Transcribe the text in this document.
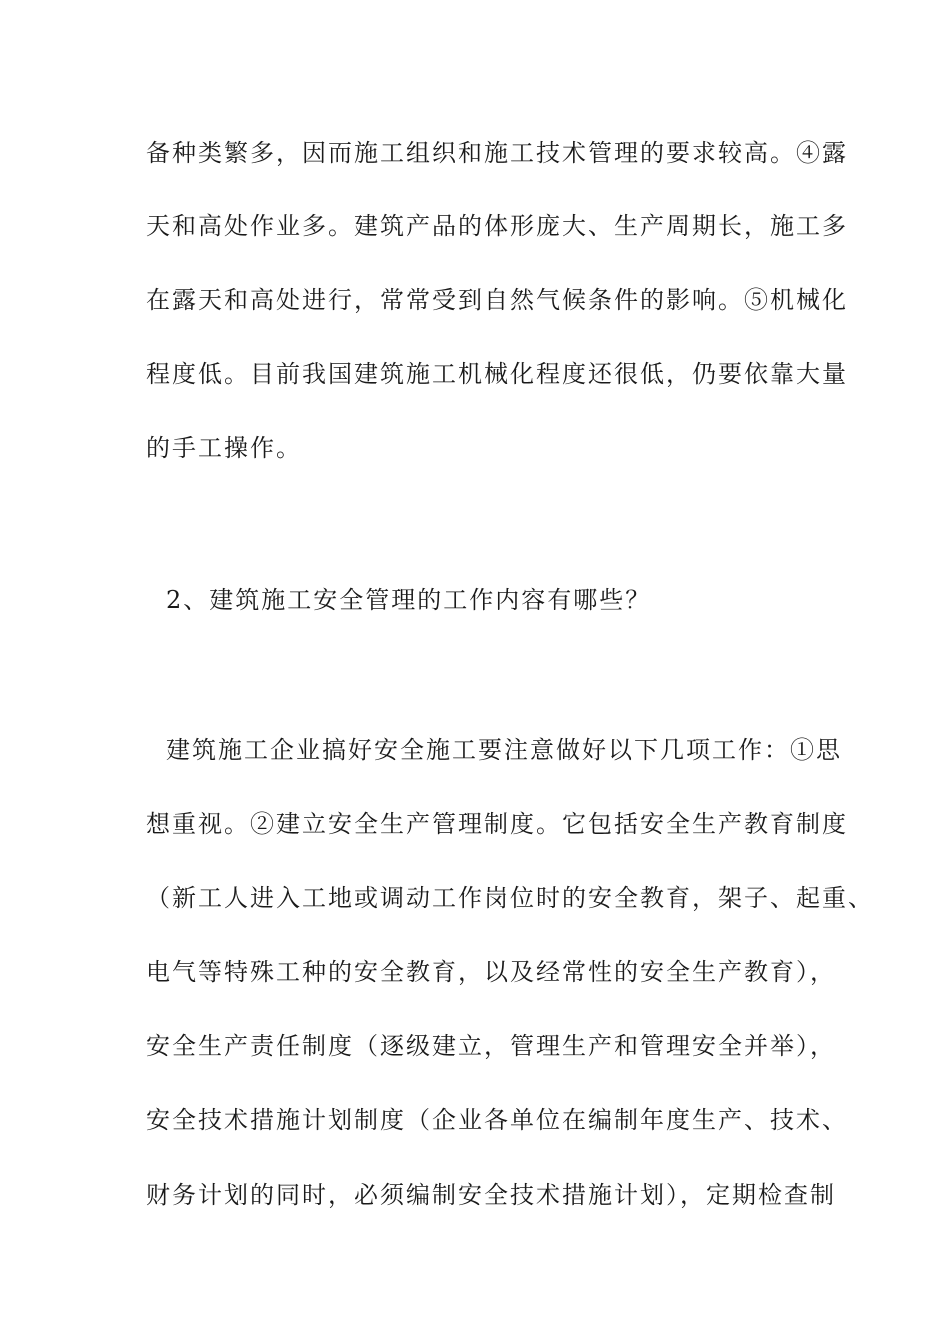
备种类繁多，因而施工组织和施工技术管理的要求较高。④露
天和高处作业多。建筑产品的体形庞大、生产周期长，施工多
在露天和高处进行，常常受到自然气候条件的影响。⑤机械化
程度低。目前我国建筑施工机械化程度还很低，仍要依靠大量
的手工操作。
2、建筑施工安全管理的工作内容有哪些？
建筑施工企业搞好安全施工要注意做好以下几项工作：①思
想重视。②建立安全生产管理制度。它包括安全生产教育制度
（新工人进入工地或调动工作岗位时的安全教育，架子、起重、
电气等特殊工种的安全教育，以及经常性的安全生产教育），
安全生产责任制度（逐级建立，管理生产和管理安全并举），
安全技术措施计划制度（企业各单位在编制年度生产、技术、
财务计划的同时，必须编制安全技术措施计划），定期检查制
